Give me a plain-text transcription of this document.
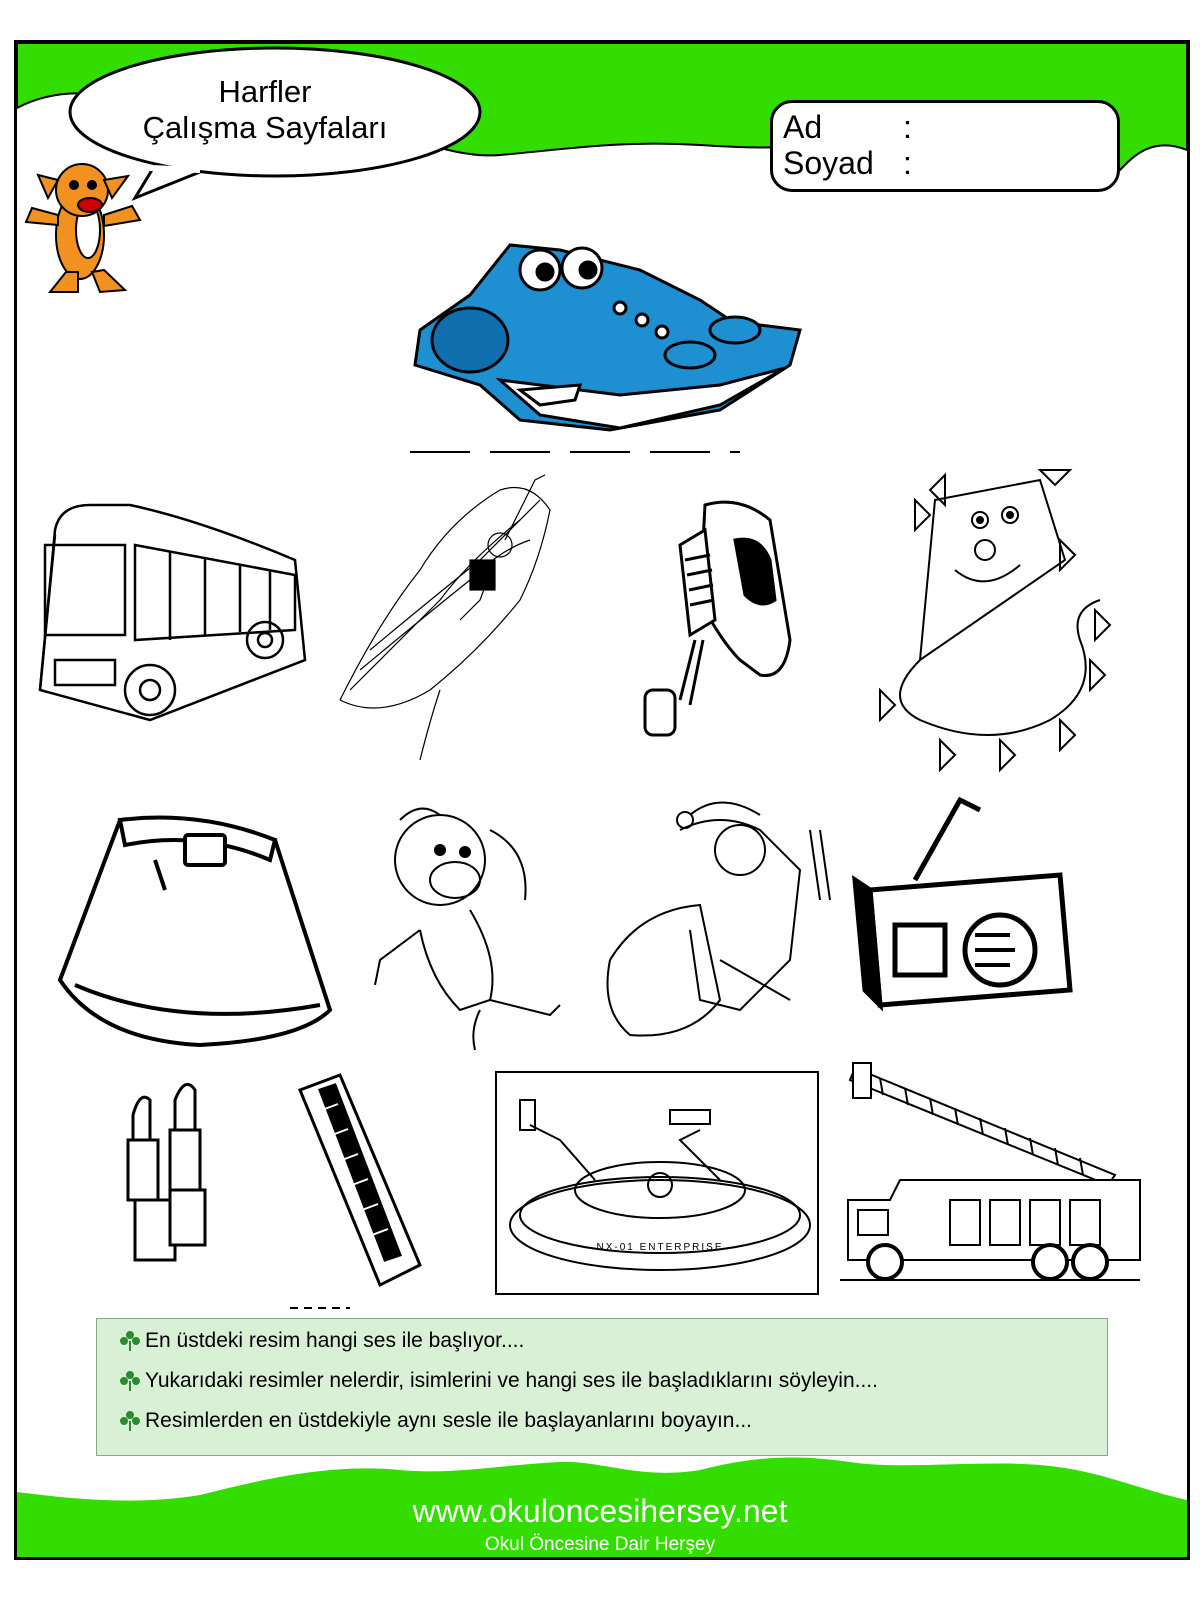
Harfler
Çalışma Sayfaları	Ad	:
Soyad :
NX-01 ENTERPRISE
En üstdeki resim hangi ses ile başlıyor....
Yukarıdaki resimler nelerdir, isimlerini ve hangi ses ile başladıklarını söyleyin....
Resimlerden en üstdekiyle aynı sesle ile başlayanlarını boyayın...
www.okuloncesihersey.net
Okul Öncesine Dair Herşey
